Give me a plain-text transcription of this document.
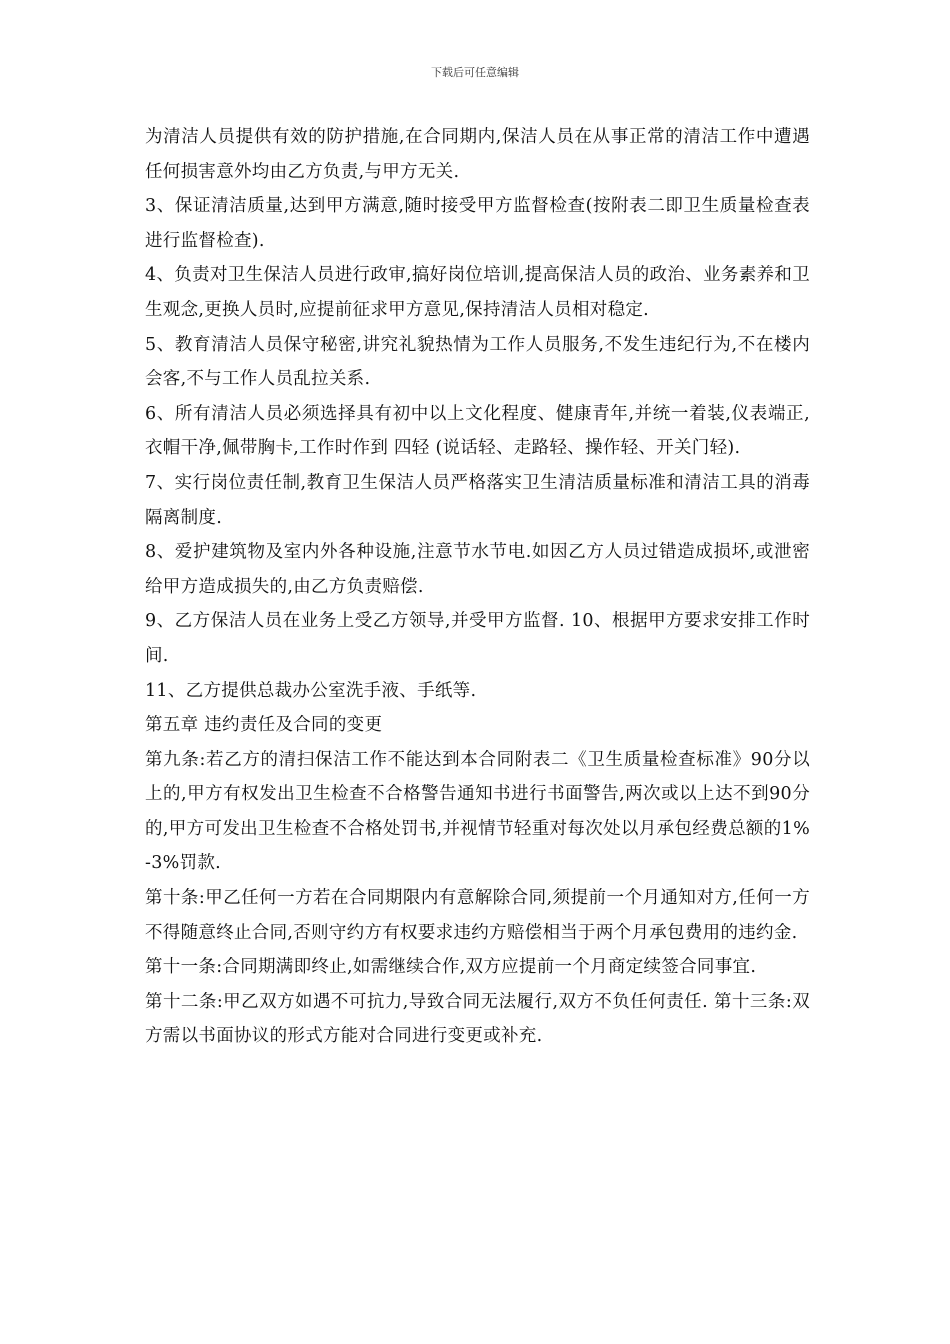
下载后可任意编辑

为清洁人员提供有效的防护措施,在合同期内,保洁人员在从事正常的清洁工作中遭遇任何损害意外均由乙方负责,与甲方无关.

3、保证清洁质量,达到甲方满意,随时接受甲方监督检查(按附表二即卫生质量检查表进行监督检查).

4、负责对卫生保洁人员进行政审,搞好岗位培训,提高保洁人员的政治、业务素养和卫生观念,更换人员时,应提前征求甲方意见,保持清洁人员相对稳定.

5、教育清洁人员保守秘密,讲究礼貌热情为工作人员服务,不发生违纪行为,不在楼内会客,不与工作人员乱拉关系.

6、所有清洁人员必须选择具有初中以上文化程度、健康青年,并统一着装,仪表端正,衣帽干净,佩带胸卡,工作时作到 四轻 (说话轻、走路轻、操作轻、开关门轻).

7、实行岗位责任制,教育卫生保洁人员严格落实卫生清洁质量标准和清洁工具的消毒隔离制度.

8、爱护建筑物及室内外各种设施,注意节水节电.如因乙方人员过错造成损坏,或泄密给甲方造成损失的,由乙方负责赔偿.

9、乙方保洁人员在业务上受乙方领导,并受甲方监督. 10、根据甲方要求安排工作时间.

11、乙方提供总裁办公室洗手液、手纸等.

第五章 违约责任及合同的变更

第九条:若乙方的清扫保洁工作不能达到本合同附表二《卫生质量检查标准》90分以上的,甲方有权发出卫生检查不合格警告通知书进行书面警告,两次或以上达不到90分的,甲方可发出卫生检查不合格处罚书,并视情节轻重对每次处以月承包经费总额的1%-3%罚款.

第十条:甲乙任何一方若在合同期限内有意解除合同,须提前一个月通知对方,任何一方不得随意终止合同,否则守约方有权要求违约方赔偿相当于两个月承包费用的违约金.

第十一条:合同期满即终止,如需继续合作,双方应提前一个月商定续签合同事宜.

第十二条:甲乙双方如遇不可抗力,导致合同无法履行,双方不负任何责任. 第十三条:双方需以书面协议的形式方能对合同进行变更或补充.
